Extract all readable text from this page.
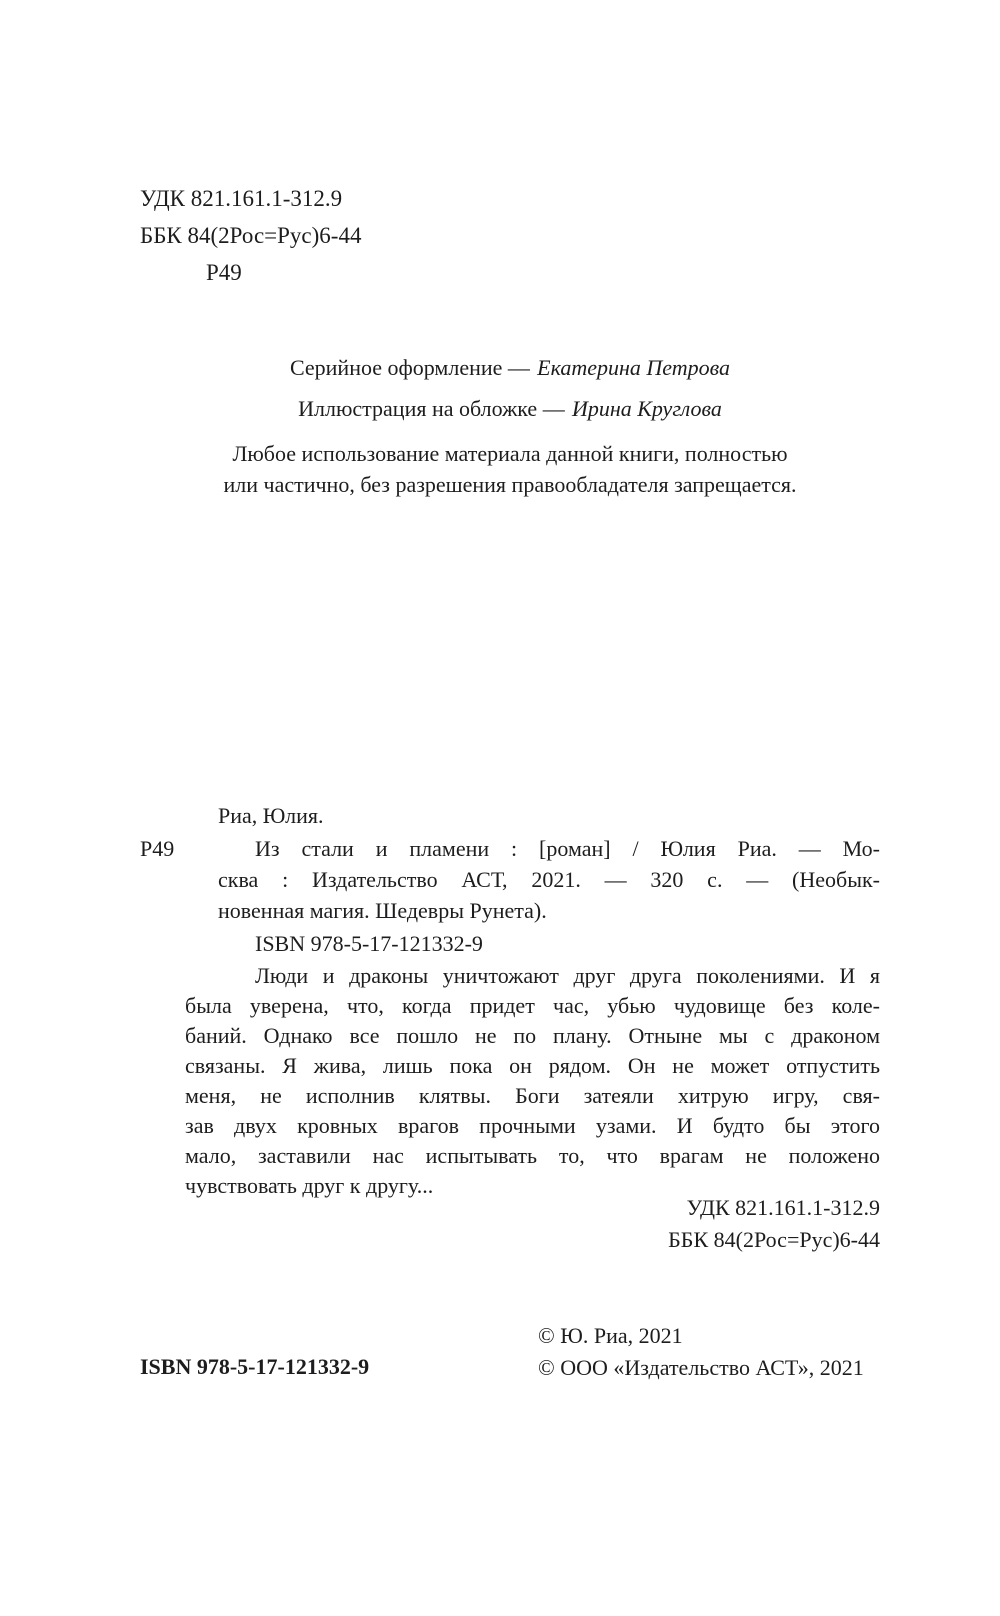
УДК 821.161.1-312.9
ББК 84(2Рос=Рус)6-44
Р49
Серийное оформление — Екатерина Петрова
Иллюстрация на обложке — Ирина Круглова
Любое использование материала данной книги, полностью
или частично, без разрешения правообладателя запрещается.
Риа, Юлия.
Р49	Из стали и пламени : [роман] / Юлия Риа. — Мо-
сква : Издательство АСТ, 2021. — 320 с. — (Необык-
новенная магия. Шедевры Рунета).
ISBN 978-5-17-121332-9
Люди и драконы уничтожают друг друга поколениями. И я
была уверена, что, когда придет час, убью чудовище без коле-
баний. Однако все пошло не по плану. Отныне мы с драконом
связаны. Я жива, лишь пока он рядом. Он не может отпустить
меня, не исполнив клятвы. Боги затеяли хитрую игру, свя-
зав двух кровных врагов прочными узами. И будто бы этого
мало, заставили нас испытывать то, что врагам не положено
чувствовать друг к другу...
УДК 821.161.1-312.9
ББК 84(2Рос=Рус)6-44
© Ю. Риа, 2021
© ООО «Издательство АСТ», 2021
ISBN 978-5-17-121332-9
